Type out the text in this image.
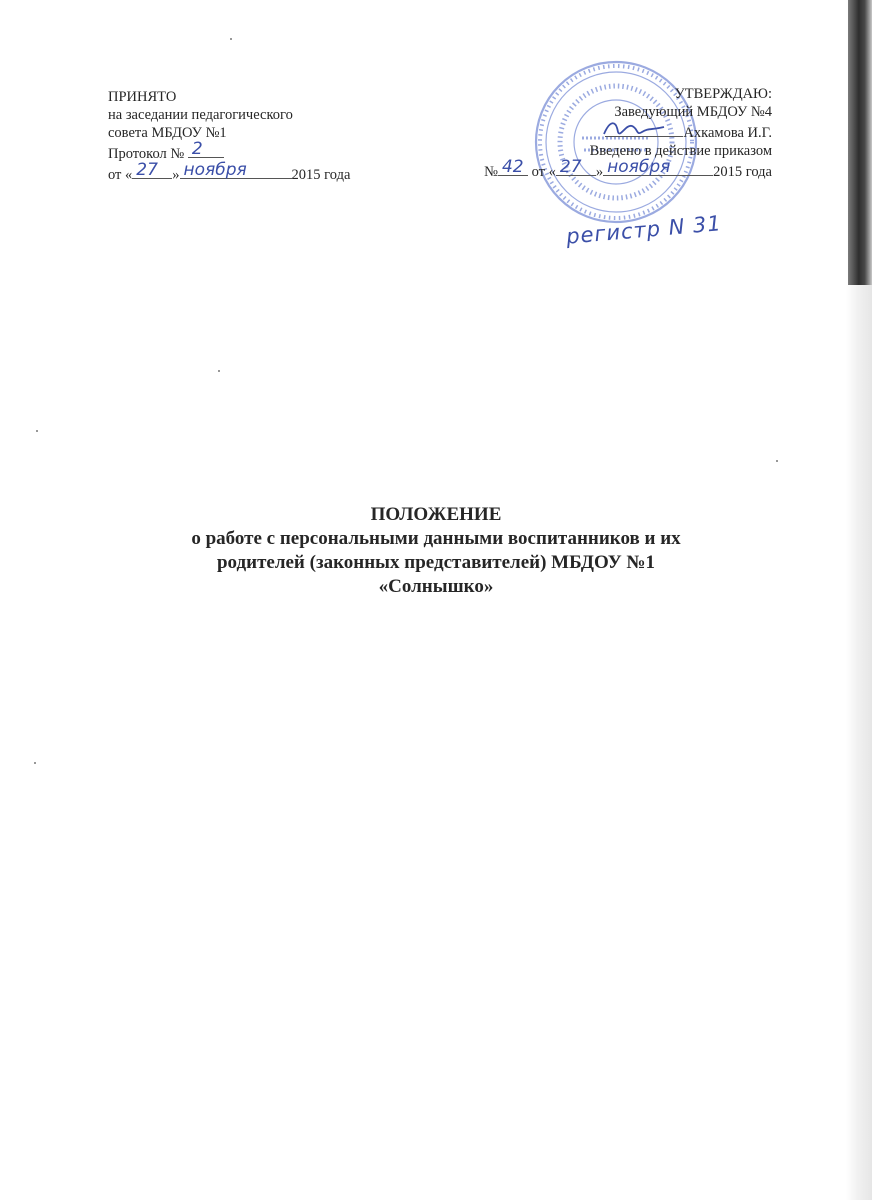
ПРИНЯТО
на заседании педагогического
совета МБДОУ №1
Протокол № 2
от « 27 » ноября	2015 года
УТВЕРЖДАЮ:
Заведующий МБДОУ №4
Ахкамова И.Г.
Введено в действие приказом
№ 42 от « 27 » ноября	2015 года
регистр N 31
ПОЛОЖЕНИЕ
о работе с персональными данными воспитанников и их
родителей (законных представителей) МБДОУ №1
«Солнышко»
